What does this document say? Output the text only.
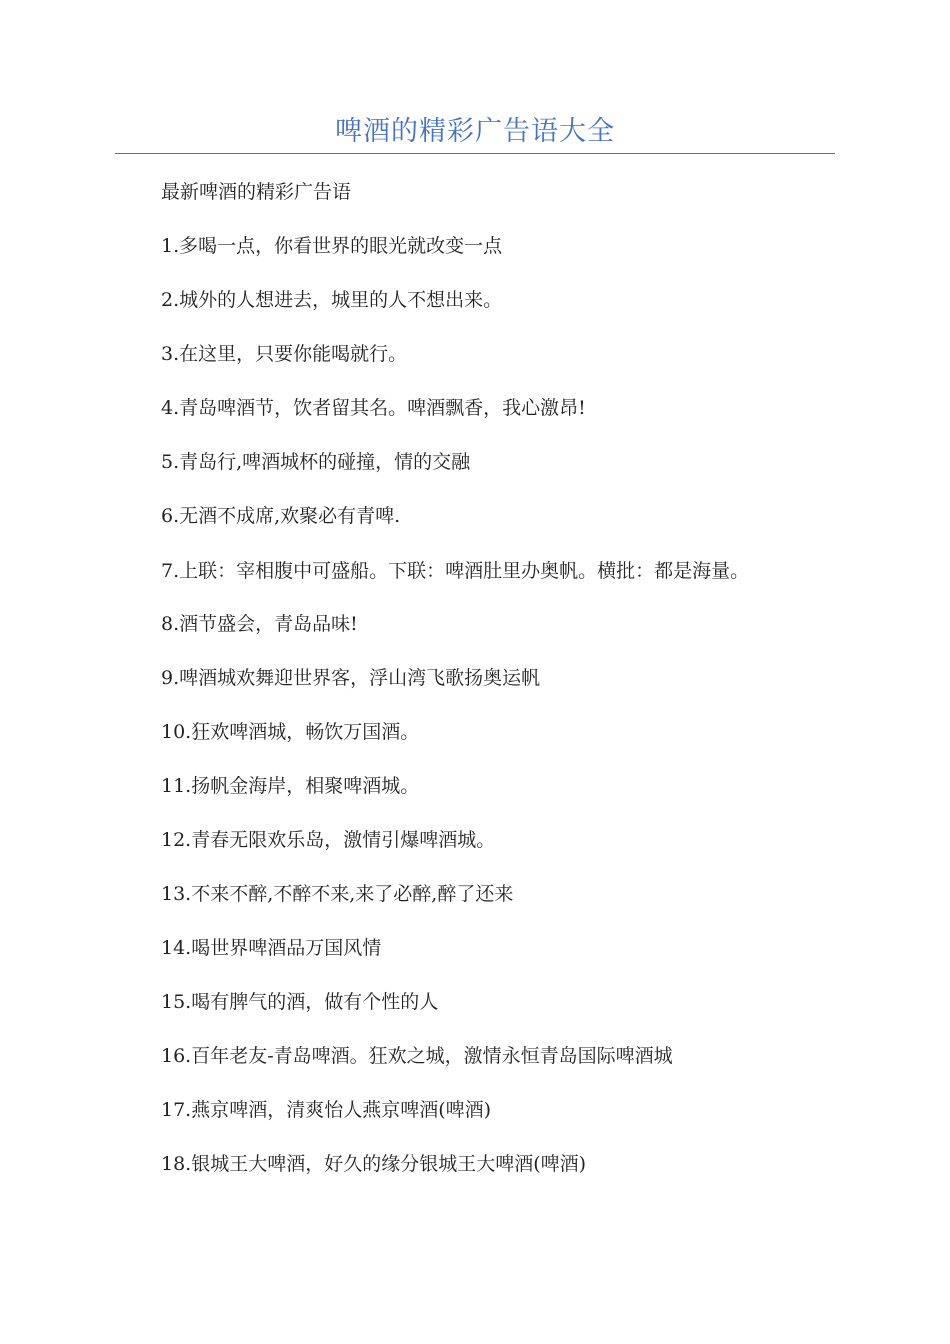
啤酒的精彩广告语大全

最新啤酒的精彩广告语

1.多喝一点，你看世界的眼光就改变一点

2.城外的人想进去，城里的人不想出来。

3.在这里，只要你能喝就行。

4.青岛啤酒节，饮者留其名。啤酒飘香，我心激昂!

5.青岛行,啤酒城杯的碰撞，情的交融

6.无酒不成席,欢聚必有青啤.

7.上联：宰相腹中可盛船。下联：啤酒肚里办奥帆。横批：都是海量。

8.酒节盛会，青岛品味!

9.啤酒城欢舞迎世界客，浮山湾飞歌扬奥运帆

10.狂欢啤酒城，畅饮万国酒。

11.扬帆金海岸，相聚啤酒城。

12.青春无限欢乐岛，激情引爆啤酒城。

13.不来不醉,不醉不来,来了必醉,醉了还来

14.喝世界啤酒品万国风情

15.喝有脾气的酒，做有个性的人

16.百年老友-青岛啤酒。狂欢之城，激情永恒青岛国际啤酒城

17.燕京啤酒，清爽怡人燕京啤酒(啤酒)

18.银城王大啤酒，好久的缘分银城王大啤酒(啤酒)
